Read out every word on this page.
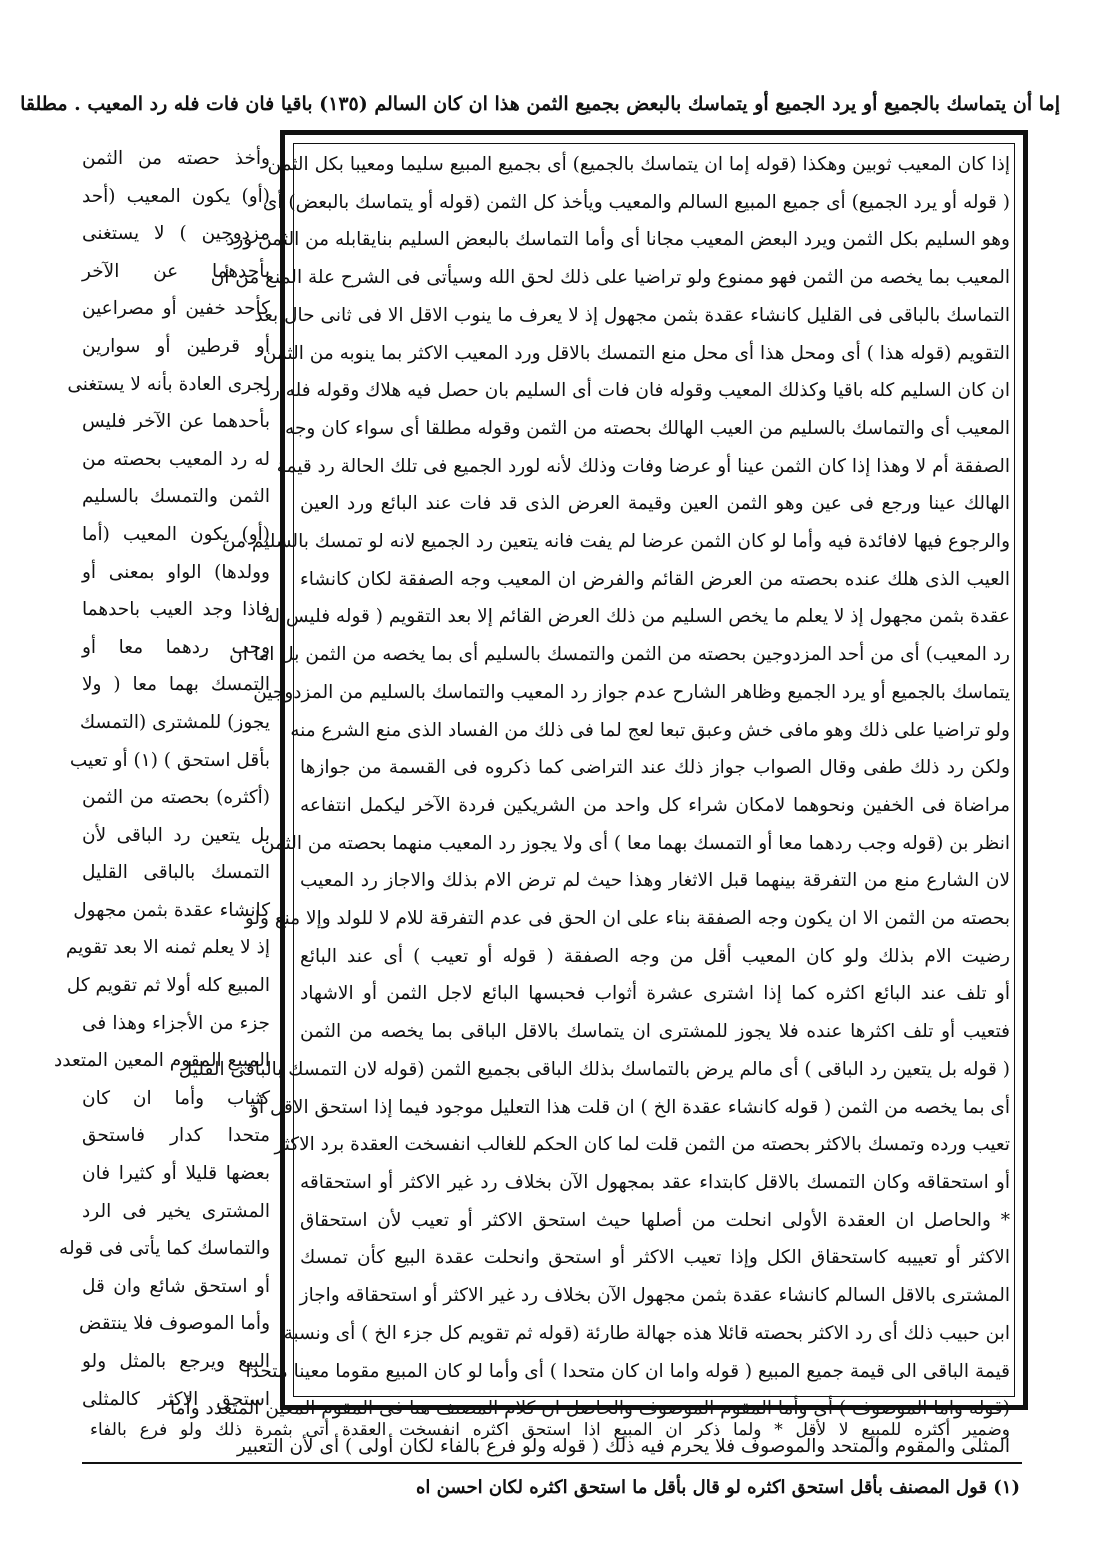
إما أن يتماسك بالجميع أو يرد الجميع أو يتماسك بالبعض بجميع الثمن هذا ان كان السالم (١٣٥) باقيا فان فات فله رد المعيب . مطلقا
إذا كان المعيب ثوبين وهكذا (قوله إما ان يتماسك بالجميع) أى بجميع المبيع سليما ومعيبا بكل الثمن
( قوله أو يرد الجميع) أى جميع المبيع السالم والمعيب ويأخذ كل الثمن (قوله أو يتماسك بالبعض) أى
وهو السليم بكل الثمن ويرد البعض المعيب مجانا أى وأما التماسك بالبعض السليم بنايقابله من الثمن ورد
المعيب بما يخصه من الثمن فهو ممنوع ولو تراضيا على ذلك لحق الله وسيأتى فى الشرح علة المنع من أن
التماسك بالباقى فى القليل كانشاء عقدة بثمن مجهول إذ لا يعرف ما ينوب الاقل الا فى ثانى حال بعد
التقويم (قوله هذا ) أى ومحل هذا أى محل منع التمسك بالاقل ورد المعيب الاكثر بما ينوبه من الثمن
ان كان السليم كله باقيا وكذلك المعيب وقوله فان فات أى السليم بان حصل فيه هلاك وقوله فله رد
المعيب أى والتماسك بالسليم من العيب الهالك بحصته من الثمن وقوله مطلقا أى سواء كان وجه
الصفقة أم لا وهذا إذا كان الثمن عينا أو عرضا وفات وذلك لأنه لورد الجميع فى تلك الحالة رد قيمة
الهالك عينا ورجع فى عين وهو الثمن العين وقيمة العرض الذى قد فات عند البائع ورد العين
والرجوع فيها لافائدة فيه وأما لو كان الثمن عرضا لم يفت فانه يتعين رد الجميع لانه لو تمسك بالسليم من
العيب الذى هلك عنده بحصته من العرض القائم والفرض ان المعيب وجه الصفقة لكان كانشاء
عقدة بثمن مجهول إذ لا يعلم ما يخص السليم من ذلك العرض القائم إلا بعد التقويم ( قوله فليس له
رد المعيب) أى من أحد المزدوجين بحصته من الثمن والتمسك بالسليم أى بما يخصه من الثمن بل اما ان
يتماسك بالجميع أو يرد الجميع وظاهر الشارح عدم جواز رد المعيب والتماسك بالسليم من المزدوجين
ولو تراضيا على ذلك وهو مافى خش وعبق تبعا لعج لما فى ذلك من الفساد الذى منع الشرع منه
ولكن رد ذلك طفى وقال الصواب جواز ذلك عند التراضى كما ذكروه فى القسمة من جوازها
مراضاة فى الخفين ونحوهما لامكان شراء كل واحد من الشريكين فردة الآخر ليكمل انتفاعه
انظر بن (قوله وجب ردهما معا أو التمسك بهما معا ) أى ولا يجوز رد المعيب منهما بحصته من الثمن
لان الشارع منع من التفرقة بينهما قبل الاثغار وهذا حيث لم ترض الام بذلك والاجاز رد المعيب
بحصته من الثمن الا ان يكون وجه الصفقة بناء على ان الحق فى عدم التفرقة للام لا للولد وإلا منع ولو
رضيت الام بذلك ولو كان المعيب أقل من وجه الصفقة ( قوله أو تعيب ) أى عند البائع
أو تلف عند البائع اكثره كما إذا اشترى عشرة أثواب فحبسها البائع لاجل الثمن أو الاشهاد
فتعيب أو تلف اكثرها عنده فلا يجوز للمشترى ان يتماسك بالاقل الباقى بما يخصه من الثمن
( قوله بل يتعين رد الباقى ) أى مالم يرض بالتماسك بذلك الباقى بجميع الثمن (قوله لان التمسك بالباقى القليل
أى بما يخصه من الثمن ( قوله كانشاء عقدة الخ ) ان قلت هذا التعليل موجود فيما إذا استحق الاقل أو
تعيب ورده وتمسك بالاكثر بحصته من الثمن قلت لما كان الحكم للغالب انفسخت العقدة برد الاكثر
أو استحقاقه وكان التمسك بالاقل كابتداء عقد بمجهول الآن بخلاف رد غير الاكثر أو استحقاقه
* والحاصل ان العقدة الأولى انحلت من أصلها حيث استحق الاكثر أو تعيب لأن استحقاق
الاكثر أو تعييبه كاستحقاق الكل وإذا تعيب الاكثر أو استحق وانحلت عقدة البيع كأن تمسك
المشترى بالاقل السالم كانشاء عقدة بثمن مجهول الآن بخلاف رد غير الاكثر أو استحقاقه واجاز
ابن حبيب ذلك أى رد الاكثر بحصته قائلا هذه جهالة طارئة (قوله ثم تقويم كل جزء الخ ) أى ونسبة
قيمة الباقى الى قيمة جميع المبيع ( قوله واما ان كان متحدا ) أى وأما لو كان المبيع مقوما معينا متحدا
(قوله واما الموصوف ) أى وأما المقوم الموصوف والحاصل ان كلام المصنف هنا فى المقوم المعين المتعدد وأما
المثلى والمقوم والمتحد والموصوف فلا يحرم فيه ذلك ( قوله ولو فرع بالفاء لكان أولى ) أى لأن التعبير
وأخذ حصته من الثمن
(أو) يكون المعيب (أحد
مزدوجين ) لا يستغنى
بأحدهما عن الآخر
كأحد خفين أو مصراعين
أو قرطين أو سوارين
لجرى العادة بأنه لا يستغنى
بأحدهما عن الآخر فليس
له رد المعيب بحصته من
الثمن والتمسك بالسليم
(أو) يكون المعيب (أما
وولدها) الواو بمعنى أو
فاذا وجد العيب باحدهما
وجب ردهما معا أو
التمسك بهما معا ( ولا
يجوز) للمشترى (التمسك
بأقل استحق ) (١) أو تعيب
(أكثره) بحصته من الثمن
بل يتعين رد الباقى لأن
التمسك بالباقى القليل
كانشاء عقدة بثمن مجهول
إذ لا يعلم ثمنه الا بعد تقويم
المبيع كله أولا ثم تقويم كل
جزء من الأجزاء وهذا فى
المبيع المقوم المعين المتعدد
كثياب وأما ان كان
متحدا كدار فاستحق
بعضها قليلا أو كثيرا فان
المشترى يخير فى الرد
والتماسك كما يأتى فى قوله
أو استحق شائع وان قل
وأما الموصوف فلا ينتقض
البيع ويرجع بالمثل ولو
استحق الاكثر كالمثلى
وضمير أكثره للمبيع لا لأقل * ولما ذكر ان المبيع اذا استحق اكثره انفسخت العقدة أتى بثمرة ذلك ولو فرع بالفاء
(١) قول المصنف بأقل استحق اكثره لو قال بأقل ما استحق اكثره لكان احسن اه
